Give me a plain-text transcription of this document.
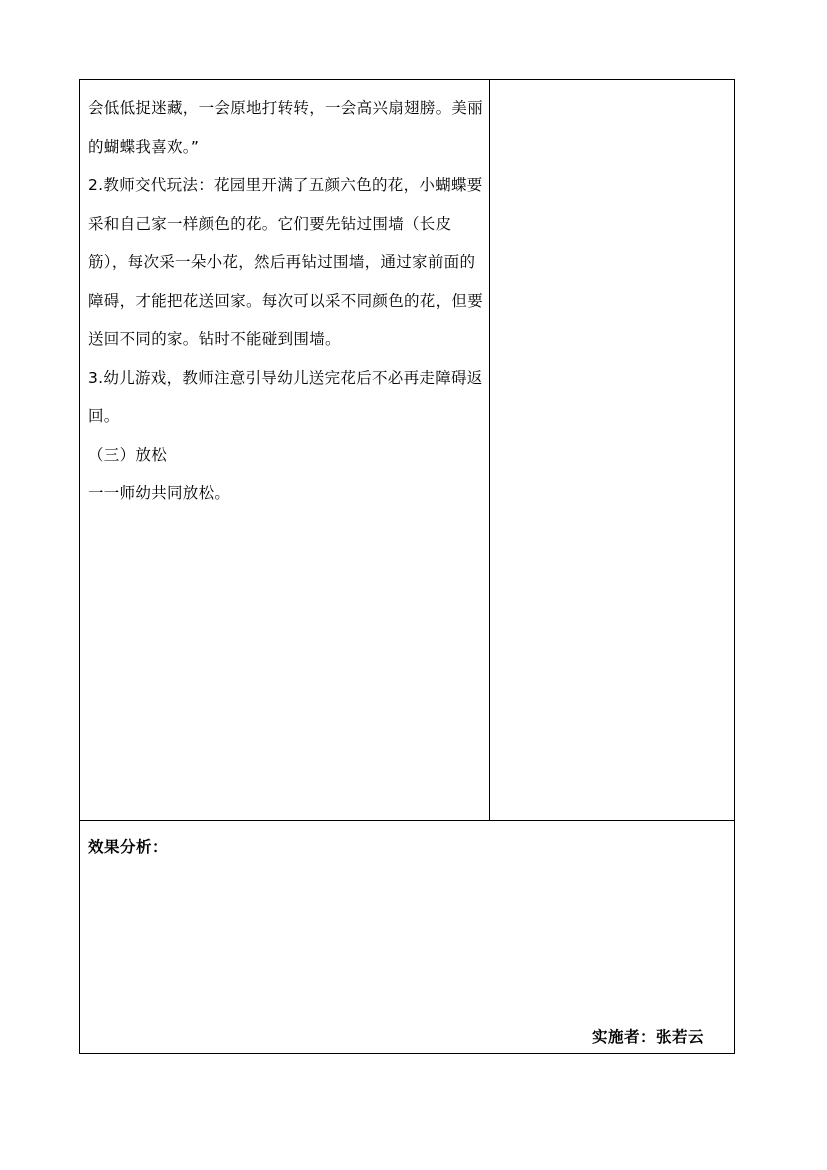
会低低捉迷藏，一会原地打转转，一会高兴扇翅膀。美丽的蝴蝶我喜欢。”

2.教师交代玩法：花园里开满了五颜六色的花，小蝴蝶要采和自己家一样颜色的花。它们要先钻过围墙（长皮筋），每次采一朵小花，然后再钻过围墙，通过家前面的障碍，才能把花送回家。每次可以采不同颜色的花，但要送回不同的家。钻时不能碰到围墙。

3.幼儿游戏，教师注意引导幼儿送完花后不必再走障碍返回。

（三）放松

一一师幼共同放松。

效果分析：
实施者：张若云
